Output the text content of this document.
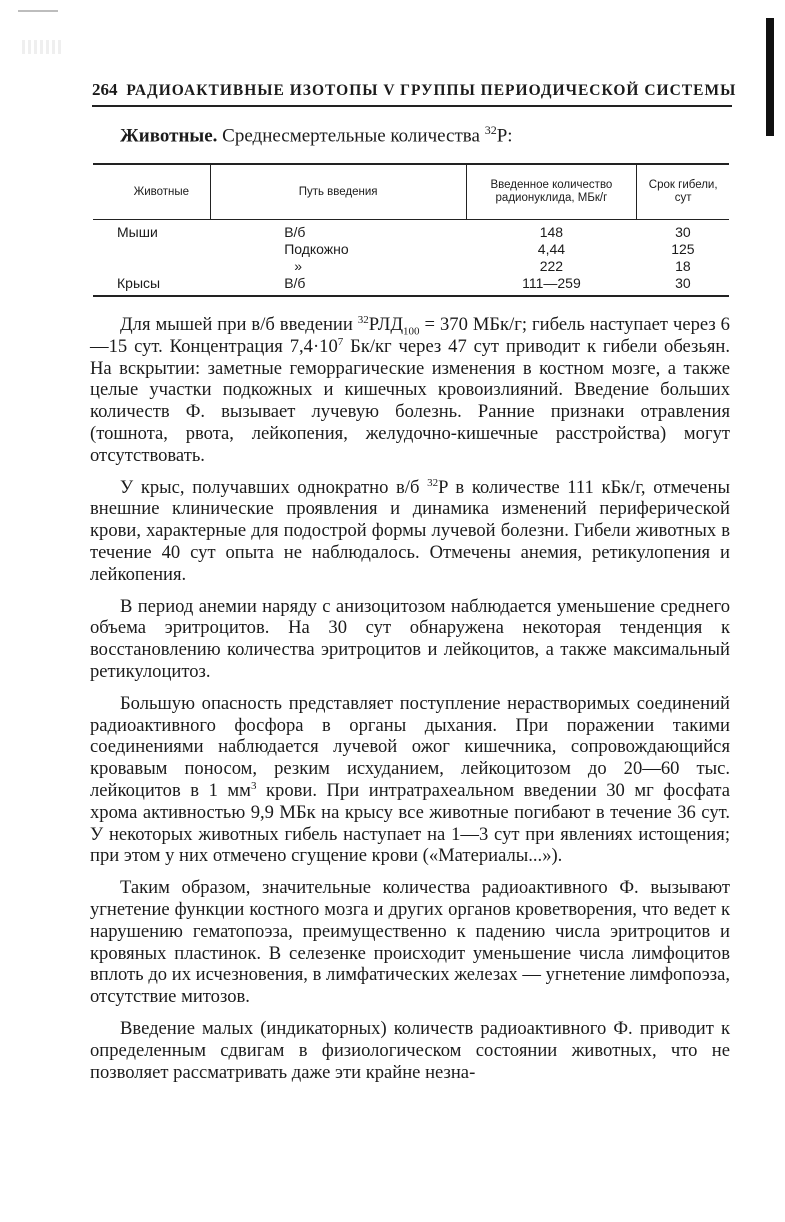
264 РАДИОАКТИВНЫЕ ИЗОТОПЫ V ГРУППЫ ПЕРИОДИЧЕСКОЙ СИСТЕМЫ
Животные. Среднесмертельные количества $^{32}$P:
Животные	Путь введения	Введенное количество радионуклида, МБк/г	Срок гибели, сут
Мыши	В/б	148	30
	Подкожно	4,44	125
	»	222	18
Крысы	В/б	111—259	30

Для мышей при в/б введении $^{32}РЛД_{100} = 370$ МБк/г; гибель наступает через 6—15 сут. Концентрация $7,4\cdot 10^7$ Бк/кг через 47 сут приводит к гибели обезьян. На вскрытии: заметные геморрагические изменения в костном мозге, а также целые участки подкожных и кишечных кровоизлияний. Введение больших количеств Ф. вызывает лучевую болезнь. Ранние признаки отравления (тошнота, рвота, лейкопения, желудочно-кишечные расстройства) могут отсутствовать.

У крыс, получавших однократно в/б $^{32}$P в количестве 111 кБк/г, отмечены внешние клинические проявления и динамика изменений периферической крови, характерные для подострой формы лучевой болезни. Гибели животных в течение 40 сут опыта не наблюдалось. Отмечены анемия, ретикулопения и лейкопения.

В период анемии наряду с анизоцитозом наблюдается уменьшение среднего объема эритроцитов. На 30 сут обнаружена некоторая тенденция к восстановлению количества эритроцитов и лейкоцитов, а также максимальный ретикулоцитоз.

Большую опасность представляет поступление нерастворимых соединений радиоактивного фосфора в органы дыхания. При поражении такими соединениями наблюдается лучевой ожог кишечника, сопровождающийся кровавым поносом, резким исхуданием, лейкоцитозом до 20—60 тыс. лейкоцитов в 1 $мм^3$ крови. При интратрахеальном введении 30 мг фосфата хрома активностью 9,9 МБк на крысу все животные погибают в течение 36 сут. У некоторых животных гибель наступает на 1—3 сут при явлениях истощения; при этом у них отмечено сгущение крови («Материалы...»).

Таким образом, значительные количества радиоактивного Ф. вызывают угнетение функции костного мозга и других органов кроветворения, что ведет к нарушению гематопоэза, преимущественно к падению числа эритроцитов и кровяных пластинок. В селезенке происходит уменьшение числа лимфоцитов вплоть до их исчезновения, в лимфатических железах — угнетение лимфопоэза, отсутствие митозов.

Введение малых (индикаторных) количеств радиоактивного Ф. приводит к определенным сдвигам в физиологическом состоянии животных, что не позволяет рассматривать даже эти крайне незна-
